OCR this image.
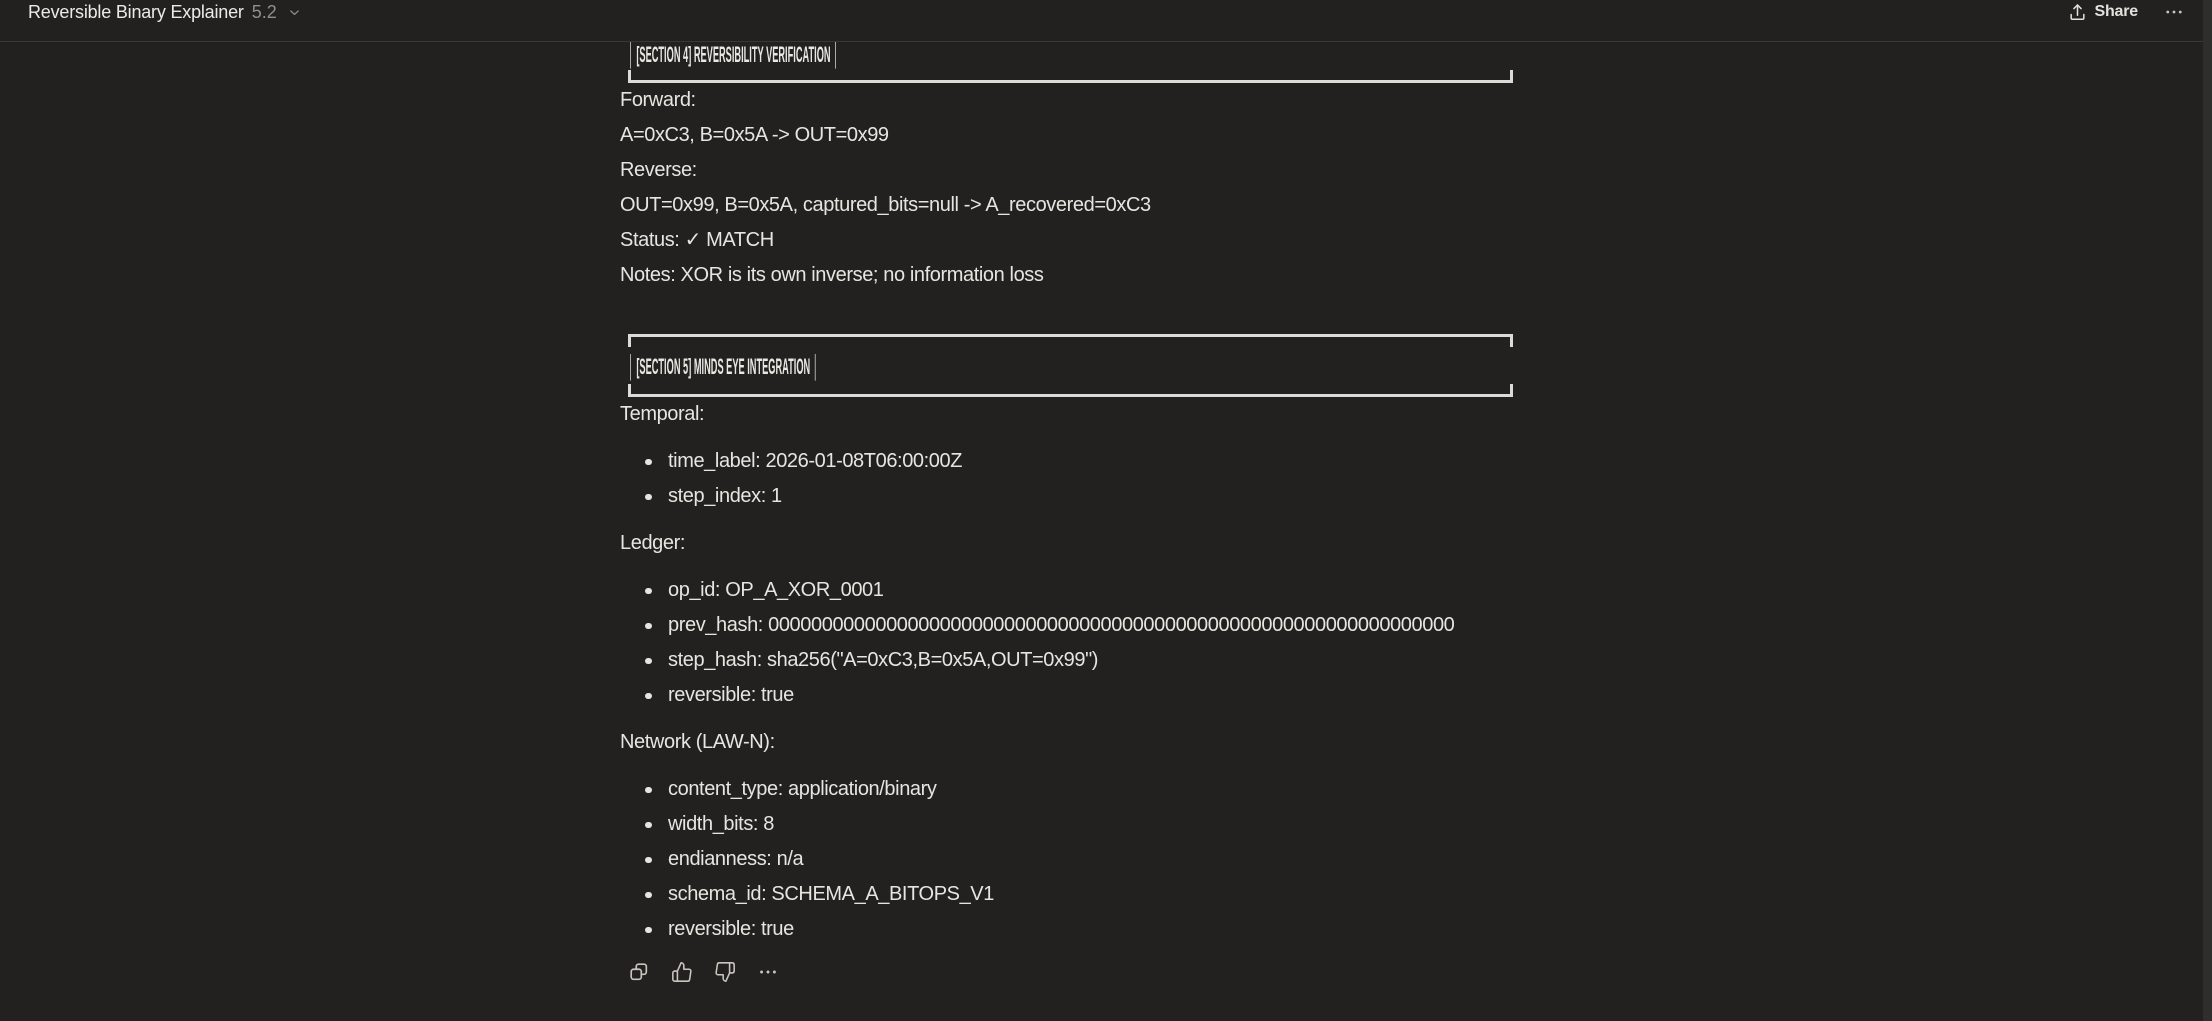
Reversible Binary Explainer 5.2	Share
│ [SECTION 4] REVERSIBILITY VERIFICATION │

Forward:

A=0xC3, B=0x5A -> OUT=0x99

Reverse:

OUT=0x99, B=0x5A, captured_bits=null -> A_recovered=0xC3

Status: ✓ MATCH

Notes: XOR is its own inverse; no information loss

│ [SECTION 5] MINDS EYE INTEGRATION │

Temporal:

time_label: 2026-01-08T06:00:00Z
step_index: 1

Ledger:

op_id: OP_A_XOR_0001
prev_hash: 0000000000000000000000000000000000000000000000000000000000000000
step_hash: sha256("A=0xC3,B=0x5A,OUT=0x99")
reversible: true

Network (LAW-N):

content_type: application/binary
width_bits: 8
endianness: n/a
schema_id: SCHEMA_A_BITOPS_V1
reversible: true
